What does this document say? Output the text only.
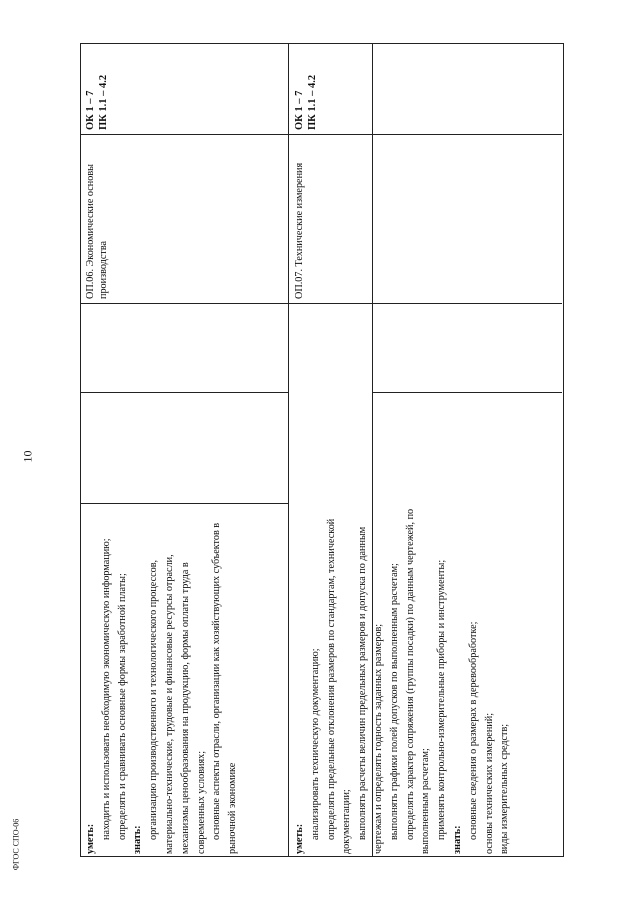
10
ФГОС СПО-06
ОК 1 – 7 ПК 1.1 – 4.2
ОП.06. Экономические основы производства

уметь: находить и использовать необходимую экономическую информацию; определять и сравнивать основные формы заработной платы; знать: организацию производственного и технологического процессов, материально-технические, трудовые и финансовые ресурсы отрасли, механизмы ценообразования на продукцию, формы оплаты труда в современных условиях; основные аспекты отрасли, организации как хозяйствующих субъектов в рыночной экономике

ОК 1 – 7 ПК 1.1 – 4.2
ОП.07. Технические измерения

уметь: анализировать техническую документацию; определять предельные отклонения размеров по стандартам, технической документации; выполнять расчеты величин предельных размеров и допуска по данным чертежам и определять годность заданных размеров; выполнять графики полей допусков по выполненным расчетам; определять характер сопряжения (группы посадки) по данным чертежей, по выполненным расчетам; применять контрольно-измерительные приборы и инструменты; знать: основные сведения о размерах в деревообработке; основы технических измерений; виды измерительных средств;
